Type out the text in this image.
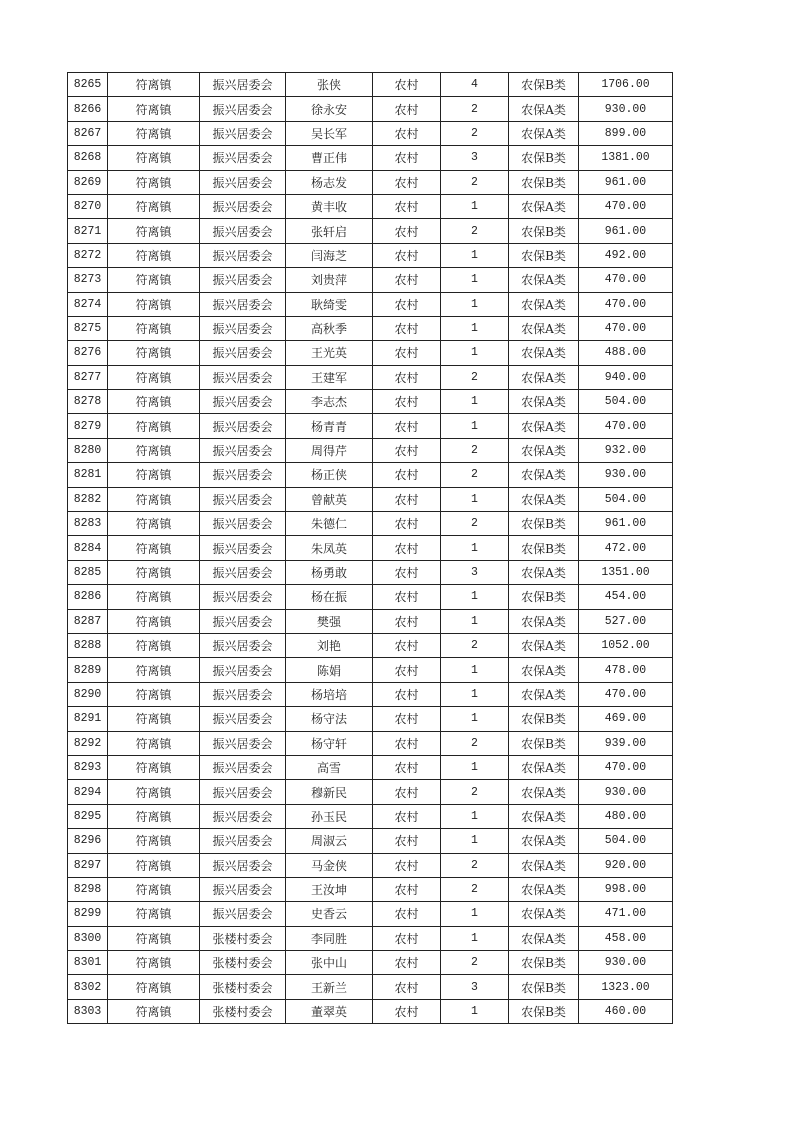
8265	符离镇	振兴居委会	张侠	农村	4	农保B类	1706.00
8266	符离镇	振兴居委会	徐永安	农村	2	农保A类	930.00
8267	符离镇	振兴居委会	吴长军	农村	2	农保A类	899.00
8268	符离镇	振兴居委会	曹正伟	农村	3	农保B类	1381.00
8269	符离镇	振兴居委会	杨志发	农村	2	农保B类	961.00
8270	符离镇	振兴居委会	黄丰收	农村	1	农保A类	470.00
8271	符离镇	振兴居委会	张轩启	农村	2	农保B类	961.00
8272	符离镇	振兴居委会	闫海芝	农村	1	农保B类	492.00
8273	符离镇	振兴居委会	刘贵萍	农村	1	农保A类	470.00
8274	符离镇	振兴居委会	耿绮雯	农村	1	农保A类	470.00
8275	符离镇	振兴居委会	高秋季	农村	1	农保A类	470.00
8276	符离镇	振兴居委会	王光英	农村	1	农保A类	488.00
8277	符离镇	振兴居委会	王建军	农村	2	农保A类	940.00
8278	符离镇	振兴居委会	李志杰	农村	1	农保A类	504.00
8279	符离镇	振兴居委会	杨青青	农村	1	农保A类	470.00
8280	符离镇	振兴居委会	周得芹	农村	2	农保A类	932.00
8281	符离镇	振兴居委会	杨正侠	农村	2	农保A类	930.00
8282	符离镇	振兴居委会	曾献英	农村	1	农保A类	504.00
8283	符离镇	振兴居委会	朱德仁	农村	2	农保B类	961.00
8284	符离镇	振兴居委会	朱凤英	农村	1	农保B类	472.00
8285	符离镇	振兴居委会	杨勇敢	农村	3	农保A类	1351.00
8286	符离镇	振兴居委会	杨在振	农村	1	农保B类	454.00
8287	符离镇	振兴居委会	樊强	农村	1	农保A类	527.00
8288	符离镇	振兴居委会	刘艳	农村	2	农保A类	1052.00
8289	符离镇	振兴居委会	陈娟	农村	1	农保A类	478.00
8290	符离镇	振兴居委会	杨培培	农村	1	农保A类	470.00
8291	符离镇	振兴居委会	杨守法	农村	1	农保B类	469.00
8292	符离镇	振兴居委会	杨守轩	农村	2	农保B类	939.00
8293	符离镇	振兴居委会	高雪	农村	1	农保A类	470.00
8294	符离镇	振兴居委会	穆新民	农村	2	农保A类	930.00
8295	符离镇	振兴居委会	孙玉民	农村	1	农保A类	480.00
8296	符离镇	振兴居委会	周淑云	农村	1	农保A类	504.00
8297	符离镇	振兴居委会	马金侠	农村	2	农保A类	920.00
8298	符离镇	振兴居委会	王汝坤	农村	2	农保A类	998.00
8299	符离镇	振兴居委会	史香云	农村	1	农保A类	471.00
8300	符离镇	张楼村委会	李同胜	农村	1	农保A类	458.00
8301	符离镇	张楼村委会	张中山	农村	2	农保B类	930.00
8302	符离镇	张楼村委会	王新兰	农村	3	农保B类	1323.00
8303	符离镇	张楼村委会	董翠英	农村	1	农保B类	460.00
